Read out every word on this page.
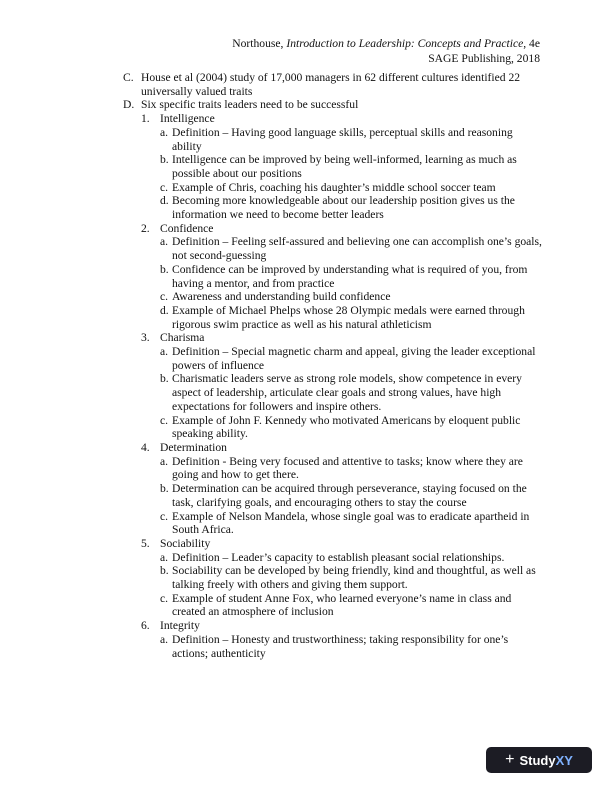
Northouse, Introduction to Leadership: Concepts and Practice, 4e
SAGE Publishing, 2018
C. House et al (2004) study of 17,000 managers in 62 different cultures identified 22 universally valued traits
D. Six specific traits leaders need to be successful
1. Intelligence
a. Definition – Having good language skills, perceptual skills and reasoning ability
b. Intelligence can be improved by being well-informed, learning as much as possible about our positions
c. Example of Chris, coaching his daughter’s middle school soccer team
d. Becoming more knowledgeable about our leadership position gives us the information we need to become better leaders
2. Confidence
a. Definition – Feeling self-assured and believing one can accomplish one’s goals, not second-guessing
b. Confidence can be improved by understanding what is required of you, from having a mentor, and from practice
c. Awareness and understanding build confidence
d. Example of Michael Phelps whose 28 Olympic medals were earned through rigorous swim practice as well as his natural athleticism
3. Charisma
a. Definition – Special magnetic charm and appeal, giving the leader exceptional powers of influence
b. Charismatic leaders serve as strong role models, show competence in every aspect of leadership, articulate clear goals and strong values, have high expectations for followers and inspire others.
c. Example of John F. Kennedy who motivated Americans by eloquent public speaking ability.
4. Determination
a. Definition - Being very focused and attentive to tasks; know where they are going and how to get there.
b. Determination can be acquired through perseverance, staying focused on the task, clarifying goals, and encouraging others to stay the course
c. Example of Nelson Mandela, whose single goal was to eradicate apartheid in South Africa.
5. Sociability
a. Definition – Leader’s capacity to establish pleasant social relationships.
b. Sociability can be developed by being friendly, kind and thoughtful, as well as talking freely with others and giving them support.
c. Example of student Anne Fox, who learned everyone’s name in class and created an atmosphere of inclusion
6. Integrity
a. Definition – Honesty and trustworthiness; taking responsibility for one’s actions; authenticity
+ Study XY
